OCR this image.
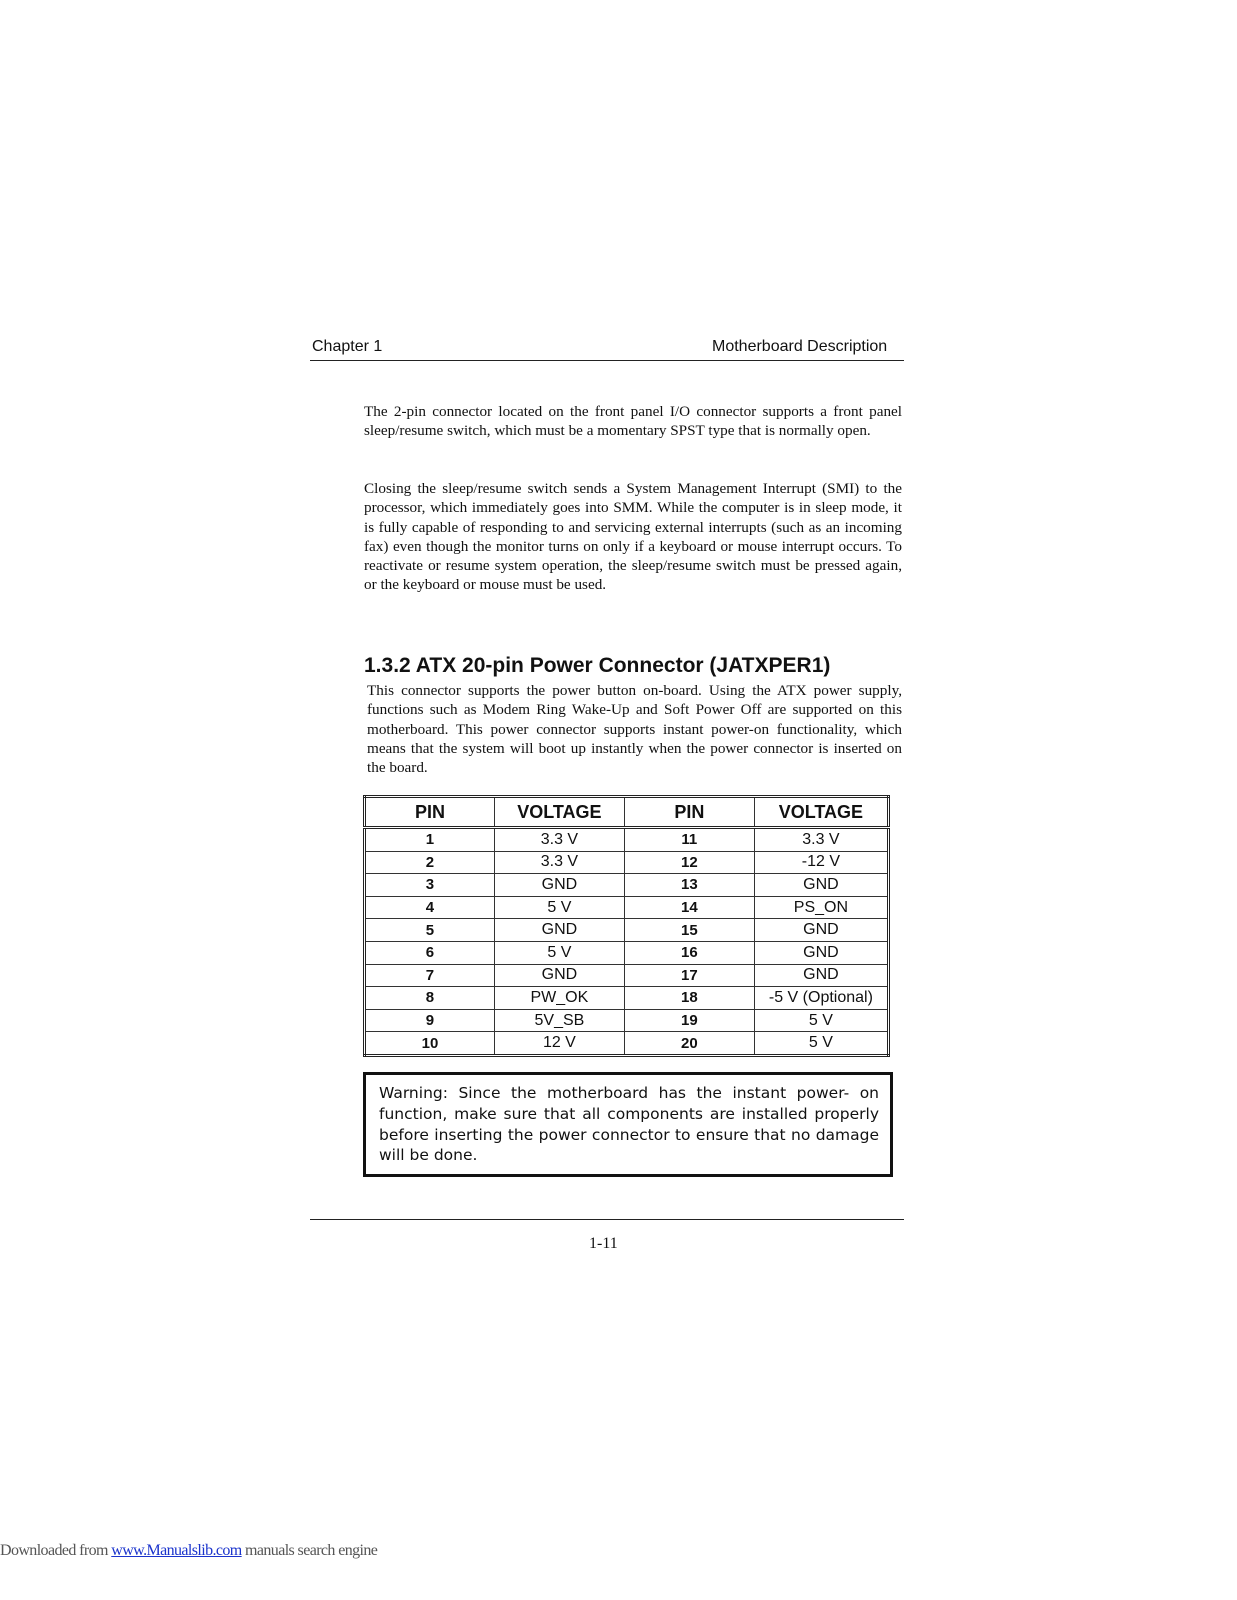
Chapter 1	Motherboard Description

The 2-pin connector located on the front panel I/O connector supports a front panel sleep/resume switch, which must be a momentary SPST type that is normally open.

Closing the sleep/resume switch sends a System Management Interrupt (SMI) to the processor, which immediately goes into SMM. While the computer is in sleep mode, it is fully capable of responding to and servicing external interrupts (such as an incoming fax) even though the monitor turns on only if a keyboard or mouse interrupt occurs. To reactivate or resume system operation, the sleep/resume switch must be pressed again, or the keyboard or mouse must be used.

1.3.2 ATX 20-pin Power Connector (JATXPER1)

This connector supports the power button on-board. Using the ATX power supply, functions such as Modem Ring Wake-Up and Soft Power Off are supported on this motherboard. This power connector supports instant power-on functionality, which means that the system will boot up instantly when the power connector is inserted on the board.

PIN	VOLTAGE	PIN	VOLTAGE
1	3.3 V	11	3.3 V
2	3.3 V	12	-12 V
3	GND	13	GND
4	5 V	14	PS_ON
5	GND	15	GND
6	5 V	16	GND
7	GND	17	GND
8	PW_OK	18	-5 V (Optional)
9	5V_SB	19	5 V
10	12 V	20	5 V
Warning: Since the motherboard has the instant power- on function, make sure that all components are installed properly before inserting the power connector to ensure that no damage will be done.
1-11
Downloaded from www.Manualslib.com manuals search engine
